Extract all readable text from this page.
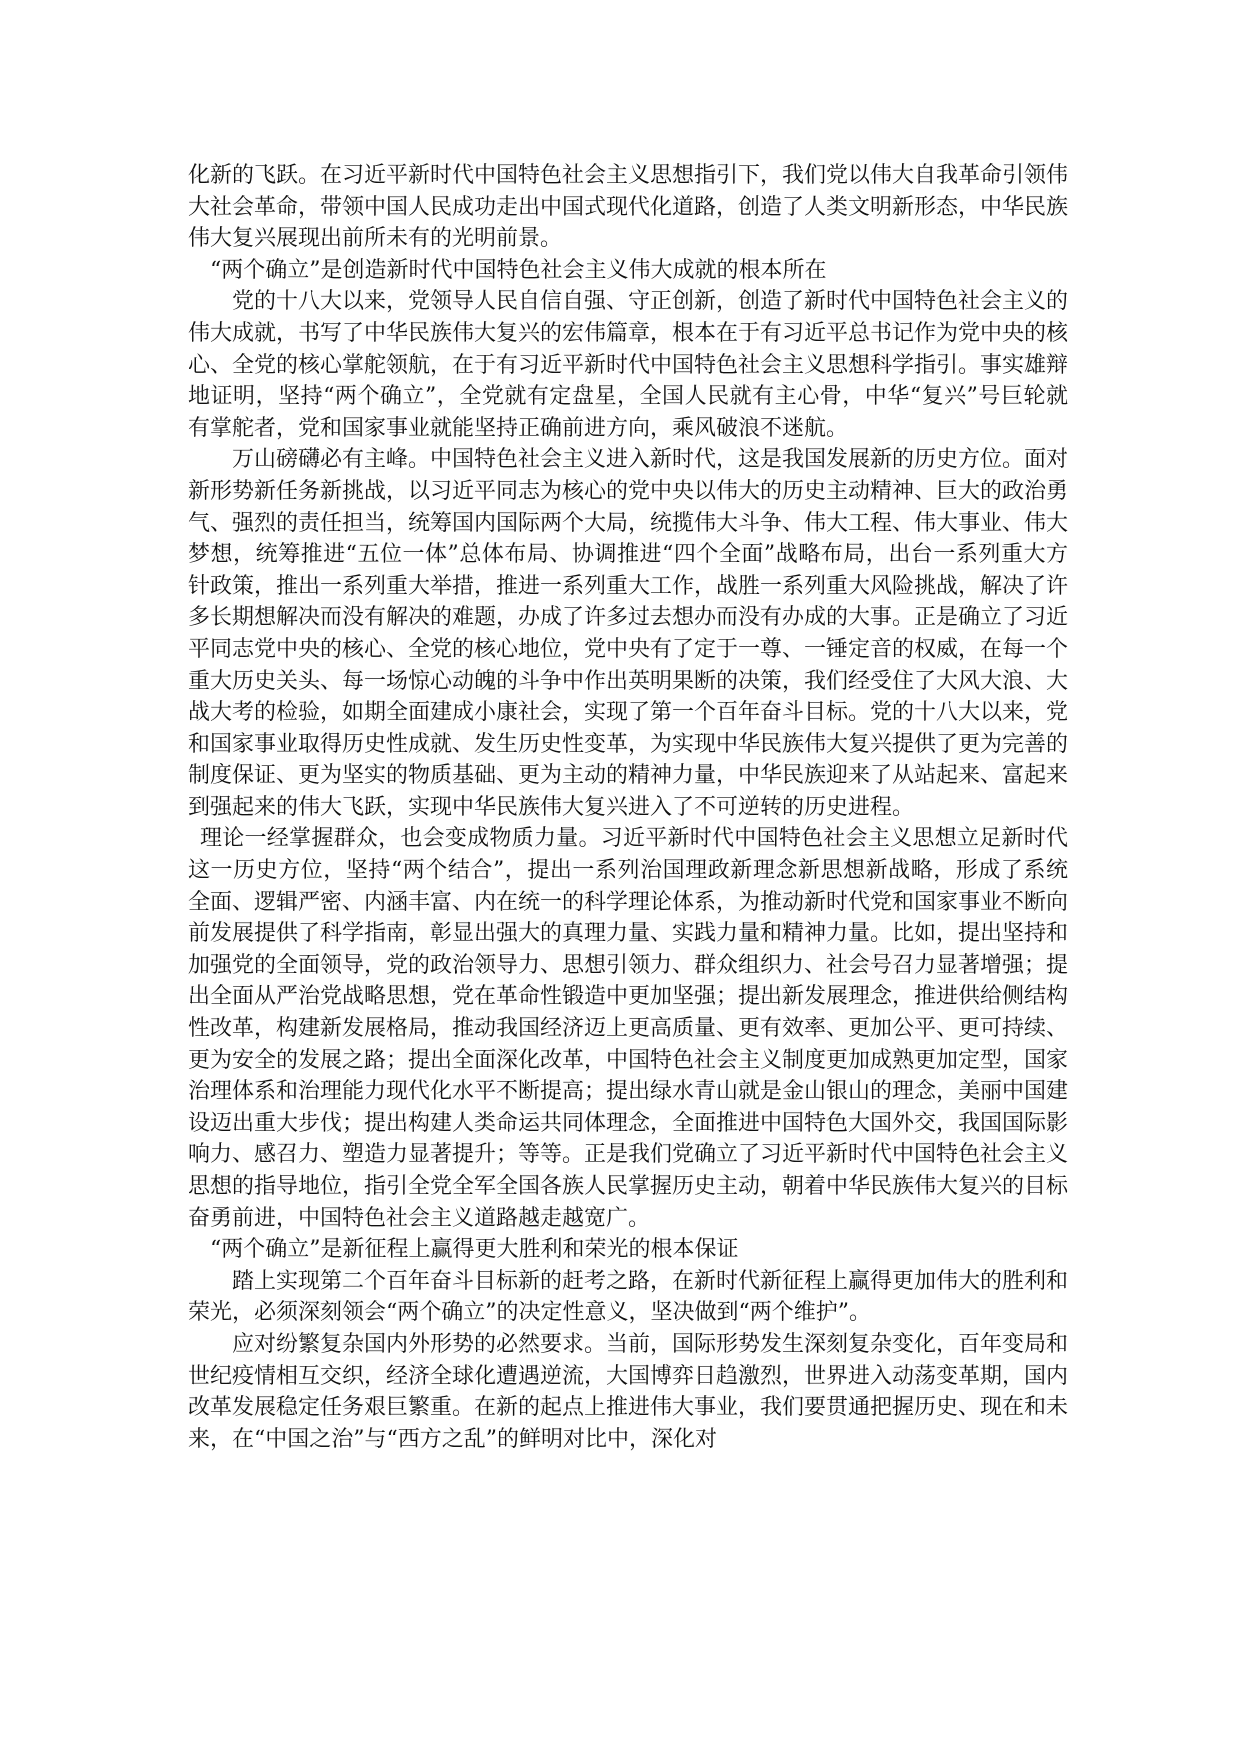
化新的飞跃。在习近平新时代中国特色社会主义思想指引下，我们党以伟大自我革命引领伟大社会革命，带领中国人民成功走出中国式现代化道路，创造了人类文明新形态，中华民族伟大复兴展现出前所未有的光明前景。

“两个确立”是创造新时代中国特色社会主义伟大成就的根本所在

党的十八大以来，党领导人民自信自强、守正创新，创造了新时代中国特色社会主义的伟大成就，书写了中华民族伟大复兴的宏伟篇章，根本在于有习近平总书记作为党中央的核心、全党的核心掌舵领航，在于有习近平新时代中国特色社会主义思想科学指引。事实雄辩地证明，坚持“两个确立”，全党就有定盘星，全国人民就有主心骨，中华“复兴”号巨轮就有掌舵者，党和国家事业就能坚持正确前进方向，乘风破浪不迷航。

万山磅礴必有主峰。中国特色社会主义进入新时代，这是我国发展新的历史方位。面对新形势新任务新挑战，以习近平同志为核心的党中央以伟大的历史主动精神、巨大的政治勇气、强烈的责任担当，统筹国内国际两个大局，统揽伟大斗争、伟大工程、伟大事业、伟大梦想，统筹推进“五位一体”总体布局、协调推进“四个全面”战略布局，出台一系列重大方针政策，推出一系列重大举措，推进一系列重大工作，战胜一系列重大风险挑战，解决了许多长期想解决而没有解决的难题，办成了许多过去想办而没有办成的大事。正是确立了习近平同志党中央的核心、全党的核心地位，党中央有了定于一尊、一锤定音的权威，在每一个重大历史关头、每一场惊心动魄的斗争中作出英明果断的决策，我们经受住了大风大浪、大战大考的检验，如期全面建成小康社会，实现了第一个百年奋斗目标。党的十八大以来，党和国家事业取得历史性成就、发生历史性变革，为实现中华民族伟大复兴提供了更为完善的制度保证、更为坚实的物质基础、更为主动的精神力量，中华民族迎来了从站起来、富起来到强起来的伟大飞跃，实现中华民族伟大复兴进入了不可逆转的历史进程。

理论一经掌握群众，也会变成物质力量。习近平新时代中国特色社会主义思想立足新时代这一历史方位，坚持“两个结合”，提出一系列治国理政新理念新思想新战略，形成了系统全面、逻辑严密、内涵丰富、内在统一的科学理论体系，为推动新时代党和国家事业不断向前发展提供了科学指南，彰显出强大的真理力量、实践力量和精神力量。比如，提出坚持和加强党的全面领导，党的政治领导力、思想引领力、群众组织力、社会号召力显著增强；提出全面从严治党战略思想，党在革命性锻造中更加坚强；提出新发展理念，推进供给侧结构性改革，构建新发展格局，推动我国经济迈上更高质量、更有效率、更加公平、更可持续、更为安全的发展之路；提出全面深化改革，中国特色社会主义制度更加成熟更加定型，国家治理体系和治理能力现代化水平不断提高；提出绿水青山就是金山银山的理念，美丽中国建设迈出重大步伐；提出构建人类命运共同体理念，全面推进中国特色大国外交，我国国际影响力、感召力、塑造力显著提升；等等。正是我们党确立了习近平新时代中国特色社会主义思想的指导地位，指引全党全军全国各族人民掌握历史主动，朝着中华民族伟大复兴的目标奋勇前进，中国特色社会主义道路越走越宽广。

“两个确立”是新征程上赢得更大胜利和荣光的根本保证

踏上实现第二个百年奋斗目标新的赶考之路，在新时代新征程上赢得更加伟大的胜利和荣光，必须深刻领会“两个确立”的决定性意义，坚决做到“两个维护”。

应对纷繁复杂国内外形势的必然要求。当前，国际形势发生深刻复杂变化，百年变局和世纪疫情相互交织，经济全球化遭遇逆流，大国博弈日趋激烈，世界进入动荡变革期，国内改革发展稳定任务艰巨繁重。在新的起点上推进伟大事业，我们要贯通把握历史、现在和未来，在“中国之治”与“西方之乱”的鲜明对比中，深化对
